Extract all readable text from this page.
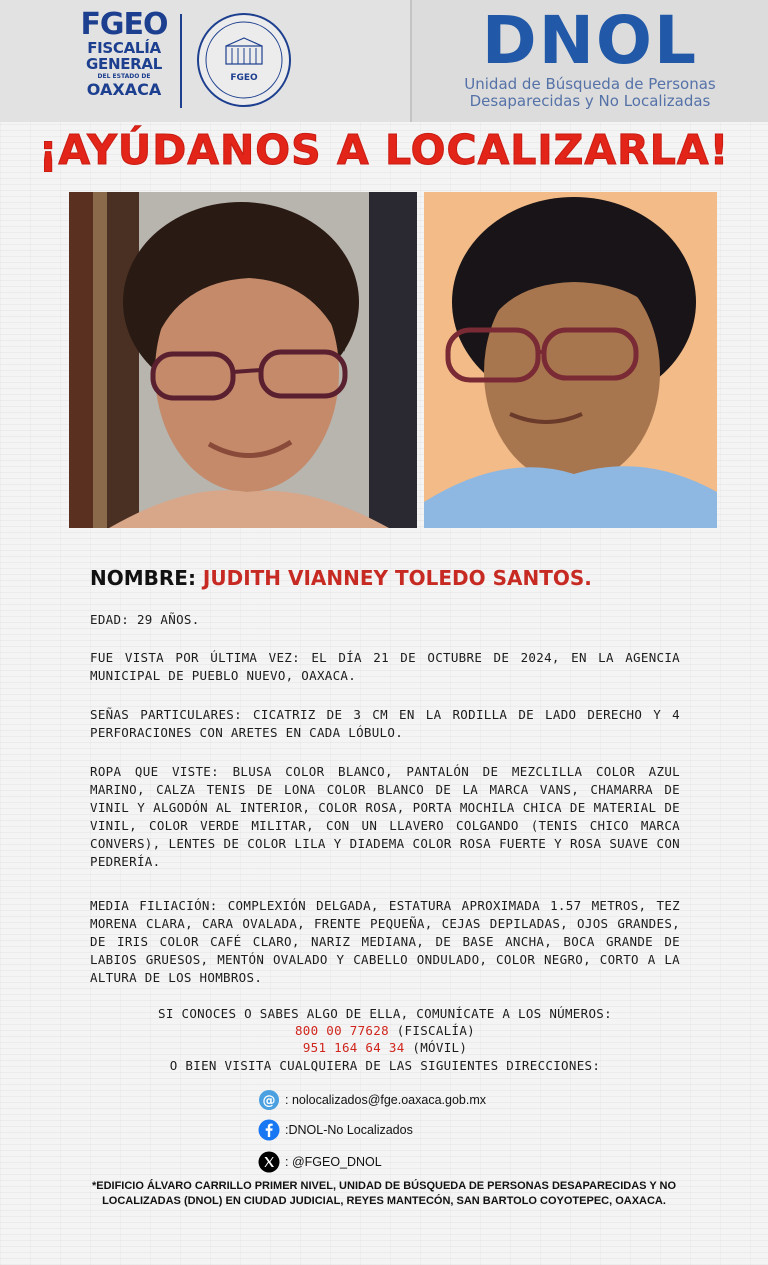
FGEO
FISCALÍA
GENERAL
DEL ESTADO DE
OAXACA
FGEO	DNOL
Unidad de Búsqueda de Personas
Desaparecidas y No Localizadas
¡AYÚDANOS A LOCALIZARLA!
NOMBRE: JUDITH VIANNEY TOLEDO SANTOS.
EDAD: 29 AÑOS.
FUE VISTA POR ÚLTIMA VEZ: EL DÍA 21 DE OCTUBRE DE 2024, EN LA AGENCIA MUNICIPAL DE PUEBLO NUEVO, OAXACA.
SEÑAS PARTICULARES: CICATRIZ DE 3 CM EN LA RODILLA DE LADO DERECHO Y 4 PERFORACIONES CON ARETES EN CADA LÓBULO.
ROPA QUE VISTE: BLUSA COLOR BLANCO, PANTALÓN DE MEZCLILLA COLOR AZUL MARINO, CALZA TENIS DE LONA COLOR BLANCO DE LA MARCA VANS, CHAMARRA DE VINIL Y ALGODÓN AL INTERIOR, COLOR ROSA, PORTA MOCHILA CHICA DE MATERIAL DE VINIL, COLOR VERDE MILITAR, CON UN LLAVERO COLGANDO (TENIS CHICO MARCA CONVERS), LENTES DE COLOR LILA Y DIADEMA COLOR ROSA FUERTE Y ROSA SUAVE CON PEDRERÍA.
MEDIA FILIACIÓN: COMPLEXIÓN DELGADA, ESTATURA APROXIMADA 1.57 METROS, TEZ MORENA CLARA, CARA OVALADA, FRENTE PEQUEÑA, CEJAS DEPILADAS, OJOS GRANDES, DE IRIS COLOR CAFÉ CLARO, NARIZ MEDIANA, DE BASE ANCHA, BOCA GRANDE DE LABIOS GRUESOS, MENTÓN OVALADO Y CABELLO ONDULADO, COLOR NEGRO, CORTO A LA ALTURA DE LOS HOMBROS.
SI CONOCES O SABES ALGO DE ELLA, COMUNÍCATE A LOS NÚMEROS:
800 00 77628 (FISCALÍA)
951 164 64 34 (MÓVIL)
O BIEN VISITA CUALQUIERA DE LAS SIGUIENTES DIRECCIONES:
@ : nolocalizados@fge.oaxaca.gob.mx
:DNOL-No Localizados
: @FGEO_DNOL
*EDIFICIO ÁLVARO CARRILLO PRIMER NIVEL, UNIDAD DE BÚSQUEDA DE PERSONAS DESAPARECIDAS Y NO LOCALIZADAS (DNOL) EN CIUDAD JUDICIAL, REYES MANTECÓN, SAN BARTOLO COYOTEPEC, OAXACA.
